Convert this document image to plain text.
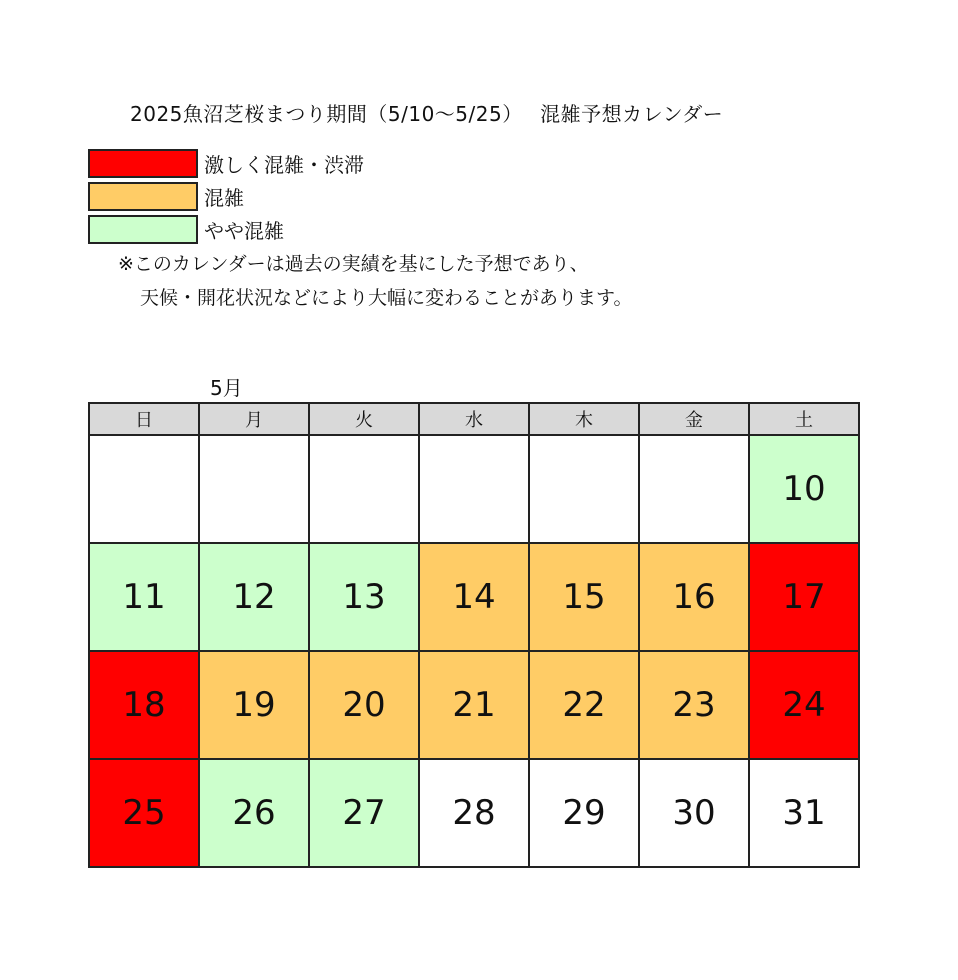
2025魚沼芝桜まつり期間（5/10〜5/25）　 混雑予想カレンダー
激しく混雑・渋滞
混雑
やや混雑
※このカレンダーは過去の実績を基にした予想であり、
天候・開花状況などにより大幅に変わることがあります。
5月
日	月	火	水	木	金	土
						10
11	12	13	14	15	16	17
18	19	20	21	22	23	24
25	26	27	28	29	30	31
